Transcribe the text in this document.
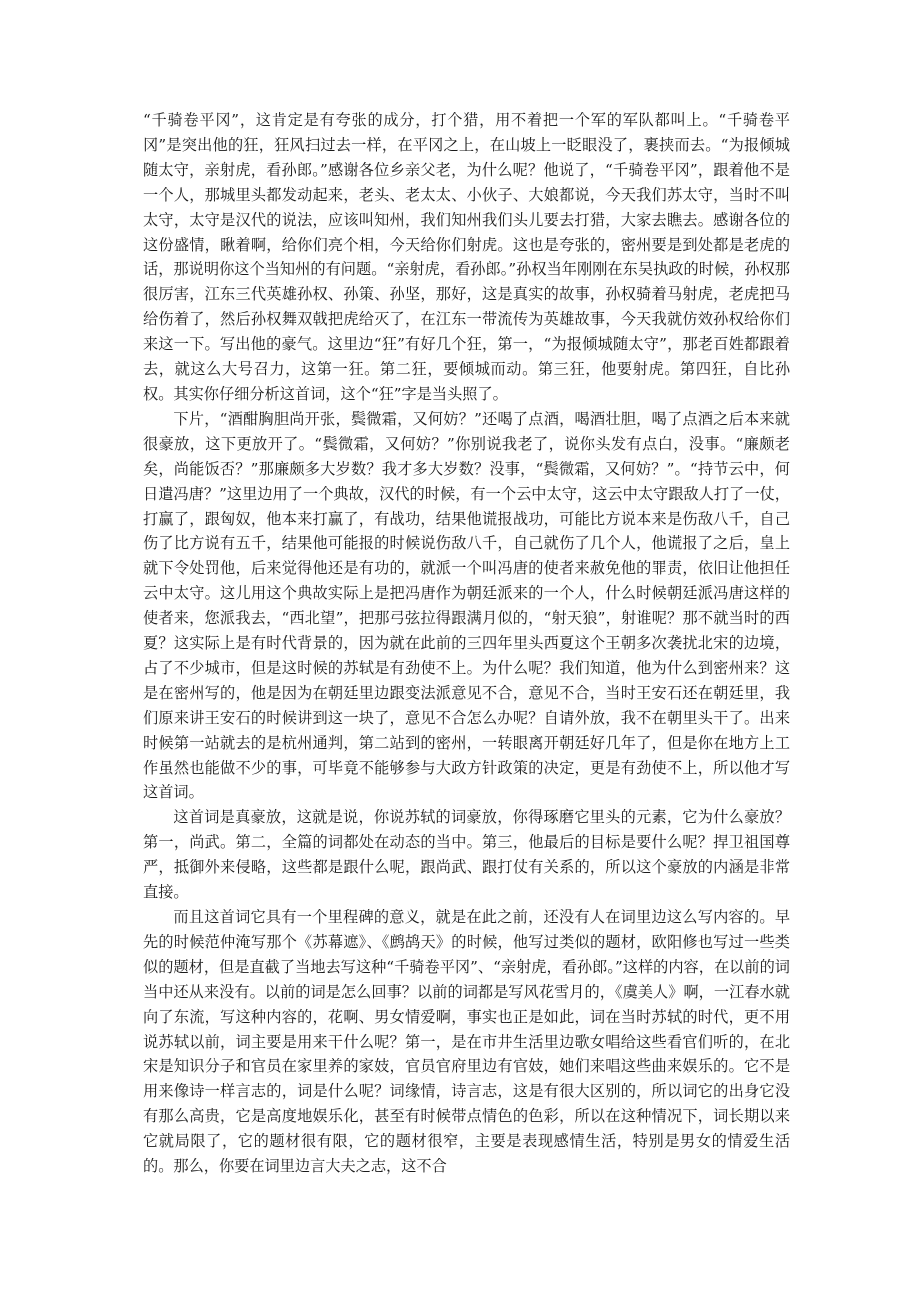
“千骑卷平冈”，这肯定是有夸张的成分，打个猎，用不着把一个军的军队都叫上。“千骑卷平冈”是突出他的狂，狂风扫过去一样，在平冈之上，在山坡上一眨眼没了，裹挟而去。“为报倾城随太守，亲射虎，看孙郎。”感谢各位乡亲父老，为什么呢？他说了，“千骑卷平冈”，跟着他不是一个人，那城里头都发动起来，老头、老太太、小伙子、大娘都说，今天我们苏太守，当时不叫太守，太守是汉代的说法，应该叫知州，我们知州我们头儿要去打猎，大家去瞧去。感谢各位的这份盛情，瞅着啊，给你们亮个相，今天给你们射虎。这也是夸张的，密州要是到处都是老虎的话，那说明你这个当知州的有问题。“亲射虎，看孙郎。”孙权当年刚刚在东吴执政的时候，孙权那很厉害，江东三代英雄孙权、孙策、孙坚，那好，这是真实的故事，孙权骑着马射虎，老虎把马给伤着了，然后孙权舞双戟把虎给灭了，在江东一带流传为英雄故事，今天我就仿效孙权给你们来这一下。写出他的豪气。这里边“狂”有好几个狂，第一，“为报倾城随太守”，那老百姓都跟着去，就这么大号召力，这第一狂。第二狂，要倾城而动。第三狂，他要射虎。第四狂，自比孙权。其实你仔细分析这首词，这个“狂”字是当头照了。

下片，“酒酣胸胆尚开张，鬓微霜，又何妨？”还喝了点酒，喝酒壮胆，喝了点酒之后本来就很豪放，这下更放开了。“鬓微霜，又何妨？”你别说我老了，说你头发有点白，没事。“廉颇老矣，尚能饭否？”那廉颇多大岁数？我才多大岁数？没事，“鬓微霜，又何妨？”。“持节云中，何日遣冯唐？”这里边用了一个典故，汉代的时候，有一个云中太守，这云中太守跟敌人打了一仗，打赢了，跟匈奴，他本来打赢了，有战功，结果他谎报战功，可能比方说本来是伤敌八千，自己伤了比方说有五千，结果他可能报的时候说伤敌八千，自己就伤了几个人，他谎报了之后，皇上就下令处罚他，后来觉得他还是有功的，就派一个叫冯唐的使者来赦免他的罪责，依旧让他担任云中太守。这儿用这个典故实际上是把冯唐作为朝廷派来的一个人，什么时候朝廷派冯唐这样的使者来，您派我去，“西北望”，把那弓弦拉得跟满月似的，“射天狼”，射谁呢？那不就当时的西夏？这实际上是有时代背景的，因为就在此前的三四年里头西夏这个王朝多次袭扰北宋的边境，占了不少城市，但是这时候的苏轼是有劲使不上。为什么呢？我们知道，他为什么到密州来？这是在密州写的，他是因为在朝廷里边跟变法派意见不合，意见不合，当时王安石还在朝廷里，我们原来讲王安石的时候讲到这一块了，意见不合怎么办呢？自请外放，我不在朝里头干了。出来时候第一站就去的是杭州通判，第二站到的密州，一转眼离开朝廷好几年了，但是你在地方上工作虽然也能做不少的事，可毕竟不能够参与大政方针政策的决定，更是有劲使不上，所以他才写这首词。

这首词是真豪放，这就是说，你说苏轼的词豪放，你得琢磨它里头的元素，它为什么豪放？第一，尚武。第二，全篇的词都处在动态的当中。第三，他最后的目标是要什么呢？捍卫祖国尊严，抵御外来侵略，这些都是跟什么呢，跟尚武、跟打仗有关系的，所以这个豪放的内涵是非常直接。

而且这首词它具有一个里程碑的意义，就是在此之前，还没有人在词里边这么写内容的。早先的时候范仲淹写那个《苏幕遮》、《鹧鸪天》的时候，他写过类似的题材，欧阳修也写过一些类似的题材，但是直截了当地去写这种“千骑卷平冈”、“亲射虎，看孙郎。”这样的内容，在以前的词当中还从来没有。以前的词是怎么回事？以前的词都是写风花雪月的，《虞美人》啊，一江春水就向了东流，写这种内容的，花啊、男女情爱啊，事实也正是如此，词在当时苏轼的时代，更不用说苏轼以前，词主要是用来干什么呢？第一，是在市井生活里边歌女唱给这些看官们听的，在北宋是知识分子和官员在家里养的家妓，官员官府里边有官妓，她们来唱这些曲来娱乐的。它不是用来像诗一样言志的，词是什么呢？词缘情，诗言志，这是有很大区别的，所以词它的出身它没有那么高贵，它是高度地娱乐化，甚至有时候带点情色的色彩，所以在这种情况下，词长期以来它就局限了，它的题材很有限，它的题材很窄，主要是表现感情生活，特别是男女的情爱生活的。那么，你要在词里边言大夫之志，这不合
